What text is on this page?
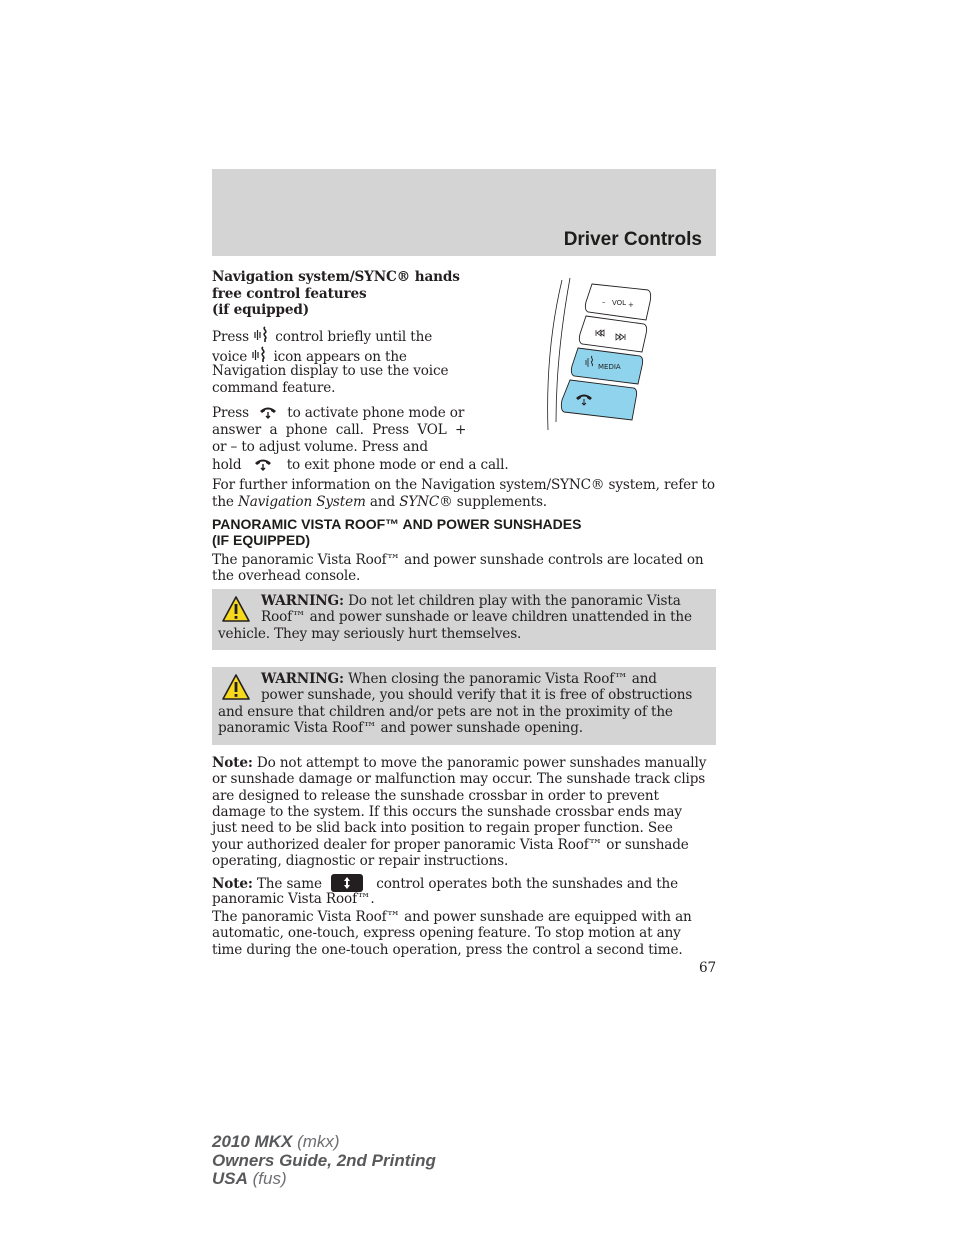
Driver Controls
Navigation system/SYNC® hands
free control features
(if equipped)
Press control briefly until the
voice icon appears on the
Navigation display to use the voice
command feature.
Press	to activate phone mode or
answer  a  phone  call.  Press  VOL  +
or – to adjust volume. Press and
hold	to exit phone mode or end a call.
– VOL +
MEDIA
For further information on the Navigation system/SYNC® system, refer to
the Navigation System and SYNC® supplements.
PANORAMIC VISTA ROOF™ AND POWER SUNSHADES
(IF EQUIPPED)
The panoramic Vista Roof™ and power sunshade controls are located on
the overhead console.
WARNING: Do not let children play with the panoramic Vista
Roof™ and power sunshade or leave children unattended in the
vehicle. They may seriously hurt themselves.
WARNING: When closing the panoramic Vista Roof™ and
power sunshade, you should verify that it is free of obstructions
and ensure that children and/or pets are not in the proximity of the
panoramic Vista Roof™ and power sunshade opening.
Note: Do not attempt to move the panoramic power sunshades manually
or sunshade damage or malfunction may occur. The sunshade track clips
are designed to release the sunshade crossbar in order to prevent
damage to the system. If this occurs the sunshade crossbar ends may
just need to be slid back into position to regain proper function. See
your authorized dealer for proper panoramic Vista Roof™ or sunshade
operating, diagnostic or repair instructions.
Note: The same	control operates both the sunshades and the
panoramic Vista Roof™.
The panoramic Vista Roof™ and power sunshade are equipped with an
automatic, one-touch, express opening feature. To stop motion at any
time during the one-touch operation, press the control a second time.
67
2010 MKX (mkx)
Owners Guide, 2nd Printing
USA (fus)
